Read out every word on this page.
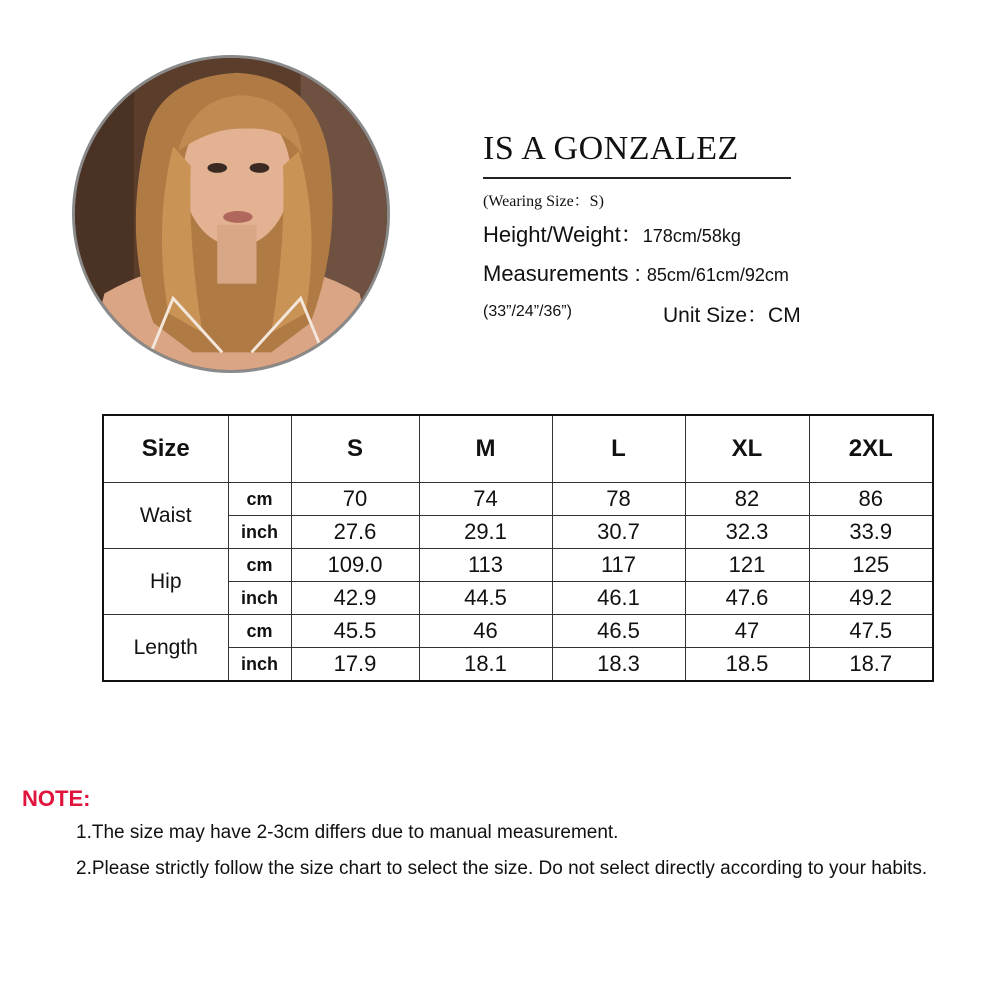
IS A GONZALEZ
(Wearing Size：S)
Height/Weight：178cm/58kg
Measurements : 85cm/61cm/92cm
(33”/24”/36”)	Unit Size：CM
Size		S	M	L	XL	2XL
Waist	cm	70	74	78	82	86
	inch	27.6	29.1	30.7	32.3	33.9
Hip	cm	109.0	113	117	121	125
	inch	42.9	44.5	46.1	47.6	49.2
Length	cm	45.5	46	46.5	47	47.5
	inch	17.9	18.1	18.3	18.5	18.7
NOTE:
1.The size may have 2-3cm differs due to manual measurement.
2.Please strictly follow the size chart to select the size. Do not select directly according to your habits.
